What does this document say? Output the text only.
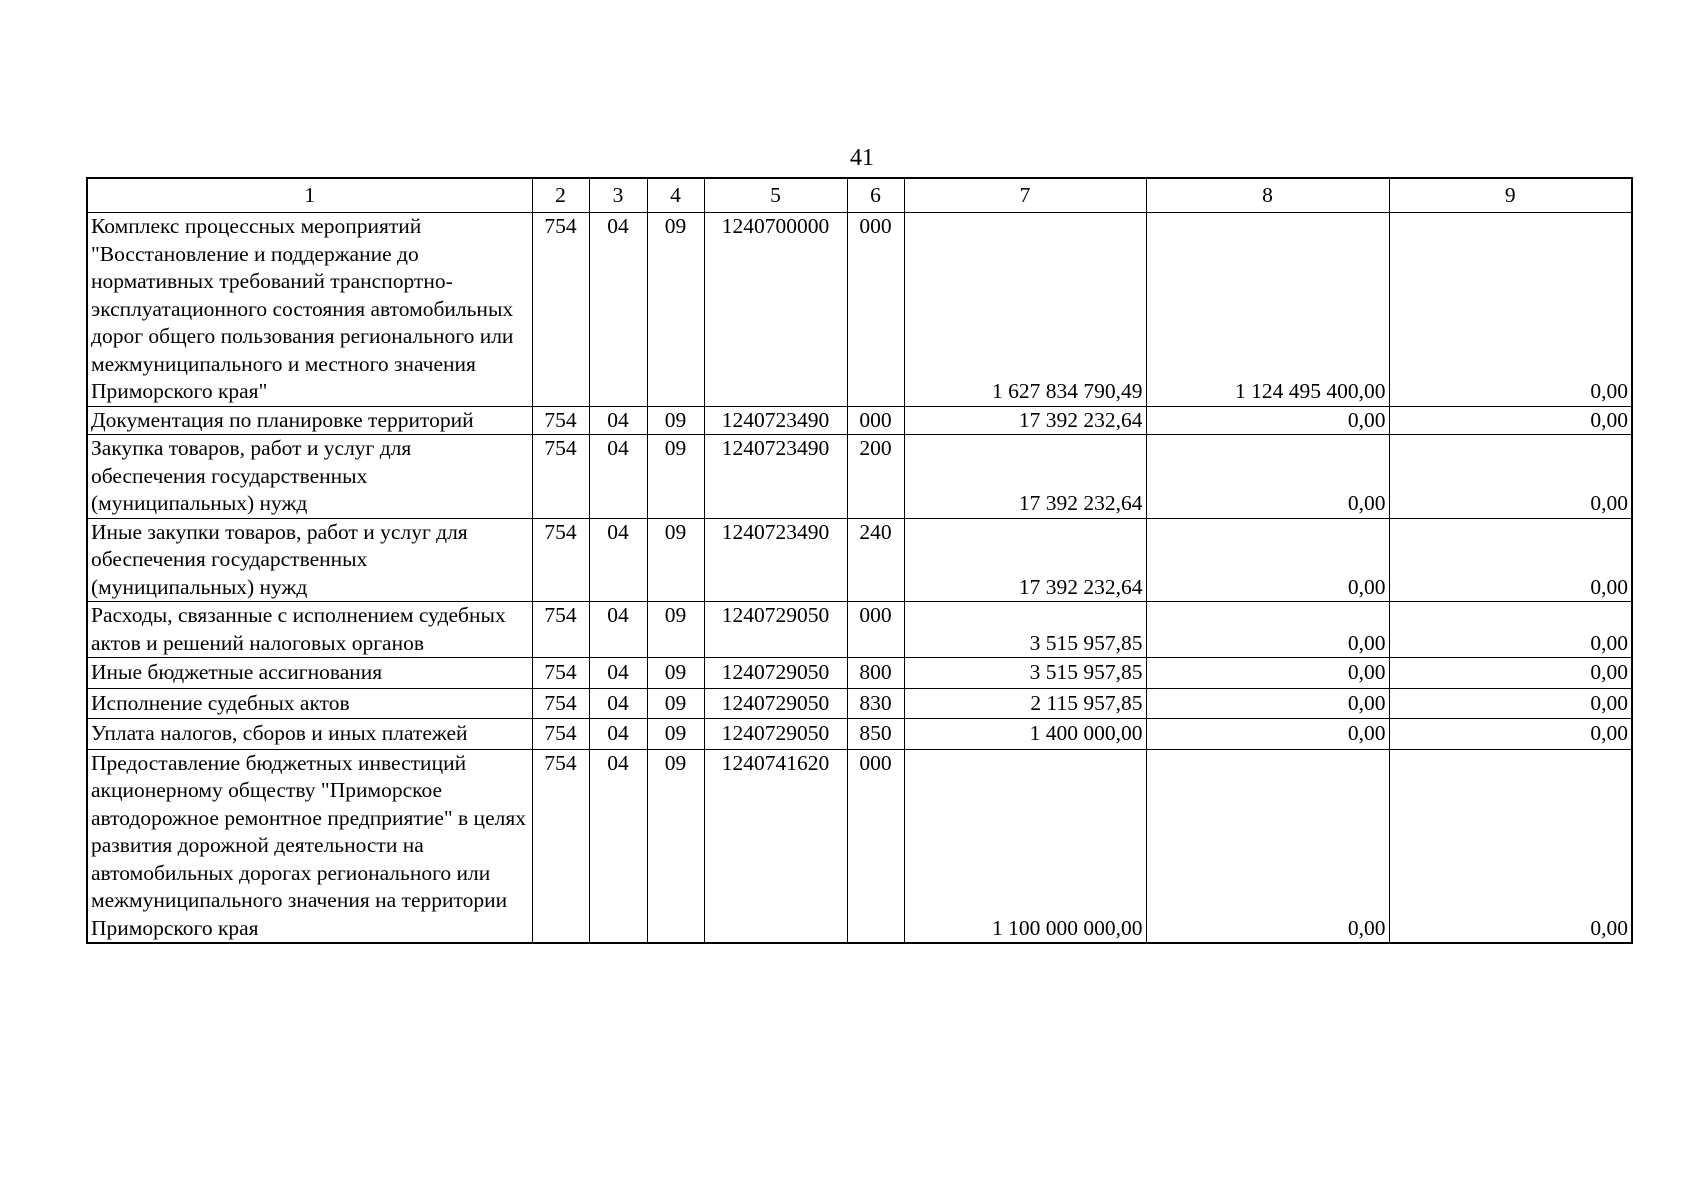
41
1	2	3	4	5	6	7	8	9
Комплекс процессных мероприятий "Восстановление и поддержание до нормативных требований транспортно-эксплуатационного состояния автомобильных дорог общего пользования регионального или межмуниципального и местного значения Приморского края"	754	04	09	1240700000	000	1 627 834 790,49	1 124 495 400,00	0,00
Документация по планировке территорий	754	04	09	1240723490	000	17 392 232,64	0,00	0,00
Закупка товаров, работ и услуг для обеспечения государственных (муниципальных) нужд	754	04	09	1240723490	200	17 392 232,64	0,00	0,00
Иные закупки товаров, работ и услуг для обеспечения государственных (муниципальных) нужд	754	04	09	1240723490	240	17 392 232,64	0,00	0,00
Расходы, связанные с исполнением судебных актов и решений налоговых органов	754	04	09	1240729050	000	3 515 957,85	0,00	0,00
Иные бюджетные ассигнования	754	04	09	1240729050	800	3 515 957,85	0,00	0,00
Исполнение судебных актов	754	04	09	1240729050	830	2 115 957,85	0,00	0,00
Уплата налогов, сборов и иных платежей	754	04	09	1240729050	850	1 400 000,00	0,00	0,00
Предоставление бюджетных инвестиций акционерному обществу "Приморское автодорожное ремонтное предприятие" в целях развития дорожной деятельности на автомобильных дорогах регионального или межмуниципального значения на территории Приморского края	754	04	09	1240741620	000	1 100 000 000,00	0,00	0,00
